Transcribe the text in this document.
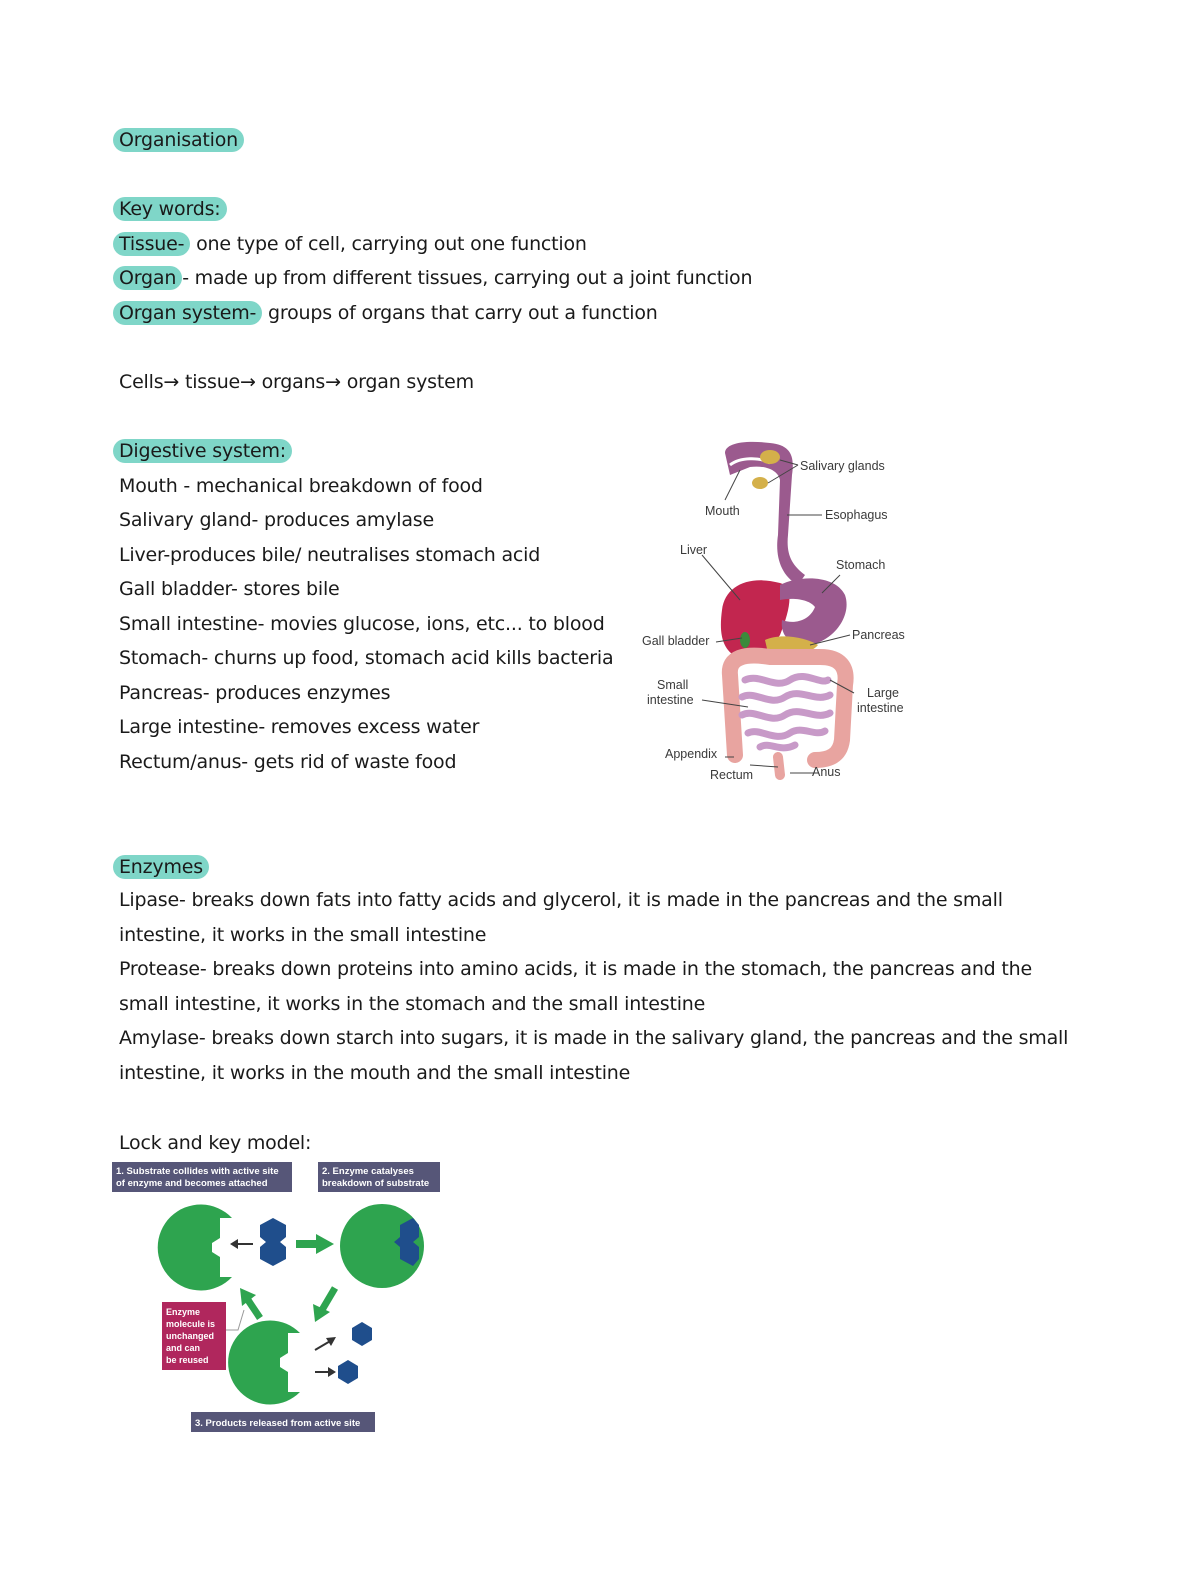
Organisation
Key words:
Tissue- one type of cell, carrying out one function
Organ - made up from different tissues, carrying out a joint function
Organ system- groups of organs that carry out a function
Cells→ tissue→ organs→ organ system
Digestive system:
Mouth - mechanical breakdown of food
Salivary gland- produces amylase
Liver-produces bile/ neutralises stomach acid
Gall bladder- stores bile
Small intestine- movies glucose, ions, etc... to blood
Stomach- churns up food, stomach acid kills bacteria
Pancreas- produces enzymes
Large intestine- removes excess water
Rectum/anus- gets rid of waste food
Salivary glands
Mouth	Esophagus
Liver
Stomach
Gall bladder	Pancreas
Small
intestine	Large
intestine
Appendix
Rectum	Anus
Enzymes
Lipase- breaks down fats into fatty acids and glycerol, it is made in the pancreas and the small intestine, it works in the small intestine
Protease- breaks down proteins into amino acids, it is made in the stomach, the pancreas and the small intestine, it works in the stomach and the small intestine
Amylase- breaks down starch into sugars, it is made in the salivary gland, the pancreas and the small intestine, it works in the mouth and the small intestine
Lock and key model:
1. Substrate collides with active site
of enzyme and becomes attached
2. Enzyme catalyses
breakdown of substrate
3. Products released from active site
Enzyme
molecule is
unchanged
and can
be reused
